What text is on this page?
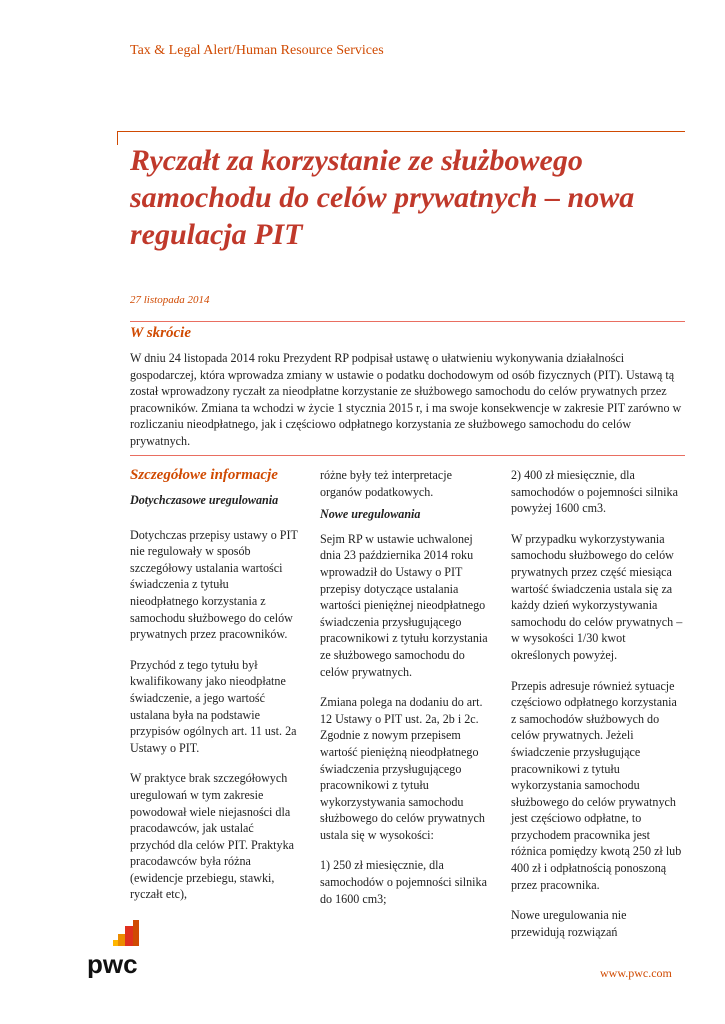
Tax & Legal Alert/Human Resource Services
Ryczałt za korzystanie ze służbowego samochodu do celów prywatnych – nowa regulacja PIT
27 listopada 2014
W skrócie

W dniu 24 listopada 2014 roku Prezydent RP podpisał ustawę o ułatwieniu wykonywania działalności gospodarczej, która wprowadza zmiany w ustawie o podatku dochodowym od osób fizycznych (PIT). Ustawą tą został wprowadzony ryczałt za nieodpłatne korzystanie ze służbowego samochodu do celów prywatnych przez pracowników. Zmiana ta wchodzi w życie 1 stycznia 2015 r, i ma swoje konsekwencje w zakresie PIT zarówno w rozliczaniu nieodpłatnego, jak i częściowo odpłatnego korzystania ze służbowego samochodu do celów prywatnych.

Szczegółowe informacje
Dotychczasowe uregulowania

Dotychczas przepisy ustawy o PIT nie regulowały w sposób szczegółowy ustalania wartości świadczenia z tytułu nieodpłatnego korzystania z samochodu służbowego do celów prywatnych przez pracowników.

Przychód z tego tytułu był kwalifikowany jako nieodpłatne świadczenie, a jego wartość ustalana była na podstawie przypisów ogólnych art. 11 ust. 2a Ustawy o PIT.

W praktyce brak szczegółowych uregulowań w tym zakresie powodował wiele niejasności dla pracodawców, jak ustalać przychód dla celów PIT. Praktyka pracodawców była różna (ewidencje przebiegu, stawki, ryczałt etc),

różne były też interpretacje organów podatkowych.

Nowe uregulowania

Sejm RP w ustawie uchwalonej dnia 23 października 2014 roku wprowadził do Ustawy o PIT przepisy dotyczące ustalania wartości pieniężnej nieodpłatnego świadczenia przysługującego pracownikowi z tytułu korzystania ze służbowego samochodu do celów prywatnych.

Zmiana polega na dodaniu do art. 12 Ustawy o PIT ust. 2a, 2b i 2c. Zgodnie z nowym przepisem wartość pieniężną nieodpłatnego świadczenia przysługującego pracownikowi z tytułu wykorzystywania samochodu służbowego do celów prywatnych ustala się w wysokości:

1) 250 zł miesięcznie, dla samochodów o pojemności silnika do 1600 cm3;

2) 400 zł miesięcznie, dla samochodów o pojemności silnika powyżej 1600 cm3.

W przypadku wykorzystywania samochodu służbowego do celów prywatnych przez część miesiąca wartość świadczenia ustala się za każdy dzień wykorzystywania samochodu do celów prywatnych – w wysokości 1/30 kwot określonych powyżej.

Przepis adresuje również sytuacje częściowo odpłatnego korzystania z samochodów służbowych do celów prywatnych. Jeżeli świadczenie przysługujące pracownikowi z tytułu wykorzystania samochodu służbowego do celów prywatnych jest częściowo odpłatne, to przychodem pracownika jest różnica pomiędzy kwotą 250 zł lub 400 zł i odpłatnością ponoszoną przez pracownika.

Nowe uregulowania nie przewidują rozwiązań

pwc	www.pwc.com
